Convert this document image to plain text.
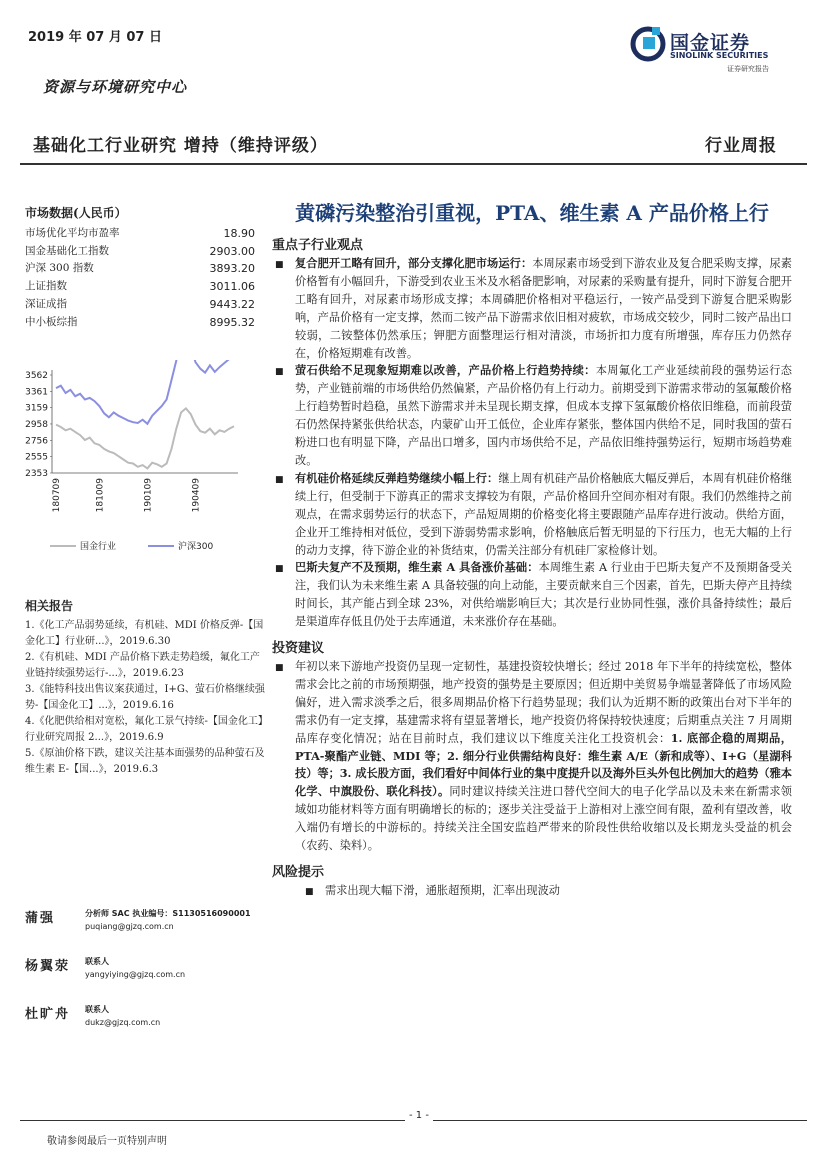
2019 年 07 月 07 日
资源与环境研究中心
基础化工行业研究 增持（维持评级）	行业周报
国金证券
SINOLINK SECURITIES
证券研究报告
市场数据(人民币）
市场优化平均市盈率	18.90
国金基础化工指数	2903.00
沪深 300 指数	3893.20
上证指数	3011.06
深证成指	9443.22
中小板综指	8995.32
3562
3361
3159
2958
2756
2555
2353
180709	181009	190109	190409
国金行业	沪深300
相关报告
1.《化工产品弱势延续，有机硅、MDI 价格反弹-【国金化工】行业研...》，2019.6.30
2.《有机硅、MDI 产品价格下跌走势趋缓，氟化工产业链持续强势运行-...》，2019.6.23
3.《能特科技出售议案获通过，I+G、萤石价格继续强势-【国金化工】...》，2019.6.16
4.《化肥供给相对宽松，氟化工景气持续-【国金化工】行业研究周报 2...》，2019.6.9
5.《原油价格下跌，建议关注基本面强势的品种萤石及维生素 E-【国...》，2019.6.3
蒲强	分析师 SAC 执业编号：S1130516090001
puqiang@gjzq.com.cn
杨翼荥	联系人
yangyiying@gjzq.com.cn
杜旷舟	联系人
dukz@gjzq.com.cn
黄磷污染整治引重视，PTA、维生素 A 产品价格上行
重点子行业观点
■	复合肥开工略有回升，部分支撑化肥市场运行：本周尿素市场受到下游农业及复合肥采购支撑，尿素价格暂有小幅回升，下游受到农业玉米及水稻备肥影响，对尿素的采购量有提升，同时下游复合肥开工略有回升，对尿素市场形成支撑；本周磷肥价格相对平稳运行，一铵产品受到下游复合肥采购影响，产品价格有一定支撑，然而二铵产品下游需求依旧相对疲软，市场成交较少，同时二铵产品出口较弱，二铵整体仍然承压；钾肥方面整理运行相对清淡，市场折扣力度有所增强，库存压力仍然存在，价格短期难有改善。
■	萤石供给不足现象短期难以改善，产品价格上行趋势持续：本周氟化工产业延续前段的强势运行态势，产业链前端的市场供给仍然偏紧，产品价格仍有上行动力。前期受到下游需求带动的氢氟酸价格上行趋势暂时趋稳，虽然下游需求并未呈现长期支撑，但成本支撑下氢氟酸价格依旧维稳，而前段萤石仍然保持紧张供给状态，内蒙矿山开工低位，企业库存紧张，整体国内供给不足，同时我国的萤石粉进口也有明显下降，产品出口增多，国内市场供给不足，产品依旧维持强势运行，短期市场趋势难改。
■	有机硅价格延续反弹趋势继续小幅上行：继上周有机硅产品价格触底大幅反弹后，本周有机硅价格继续上行，但受制于下游真正的需求支撑较为有限，产品价格回升空间亦相对有限。我们仍然维持之前观点，在需求弱势运行的状态下，产品短周期的价格变化将主要跟随产品库存进行波动。供给方面，企业开工维持相对低位，受到下游弱势需求影响，价格触底后暂无明显的下行压力，也无大幅的上行的动力支撑，待下游企业的补货结束，仍需关注部分有机硅厂家检修计划。
■	巴斯夫复产不及预期，维生素 A 具备涨价基础：本周维生素 A 行业由于巴斯夫复产不及预期备受关注，我们认为未来维生素 A 具备较强的向上动能，主要贡献来自三个因素，首先，巴斯夫停产且持续时间长，其产能占到全球 23%，对供给端影响巨大；其次是行业协同性强，涨价具备持续性；最后是渠道库存低且仍处于去库通道，未来涨价存在基础。
投资建议
■	年初以来下游地产投资仍呈现一定韧性，基建投资较快增长；经过 2018 年下半年的持续宽松，整体需求会比之前的市场预期强，地产投资的强势是主要原因；但近期中美贸易争端显著降低了市场风险偏好，进入需求淡季之后，很多周期品价格下行趋势显现；我们认为近期不断的政策出台对下半年的需求仍有一定支撑，基建需求将有望显著增长，地产投资仍将保持较快速度；后期重点关注 7 月周期品库存变化情况；站在目前时点，我们建议以下维度关注化工投资机会：1. 底部企稳的周期品，PTA-聚酯产业链、MDI 等；2. 细分行业供需结构良好：维生素 A/E（新和成等）、I+G（星湖科技）等；3. 成长股方面，我们看好中间体行业的集中度提升以及海外巨头外包比例加大的趋势（雅本化学、中旗股份、联化科技）。同时建议持续关注进口替代空间大的电子化学品以及未来在新需求领域如功能材料等方面有明确增长的标的；逐步关注受益于上游相对上涨空间有限，盈利有望改善，收入端仍有增长的中游标的。持续关注全国安监趋严带来的阶段性供给收缩以及长期龙头受益的机会（农药、染料）。
风险提示
■	需求出现大幅下滑，通胀超预期，汇率出现波动
- 1 -
敬请参阅最后一页特别声明
